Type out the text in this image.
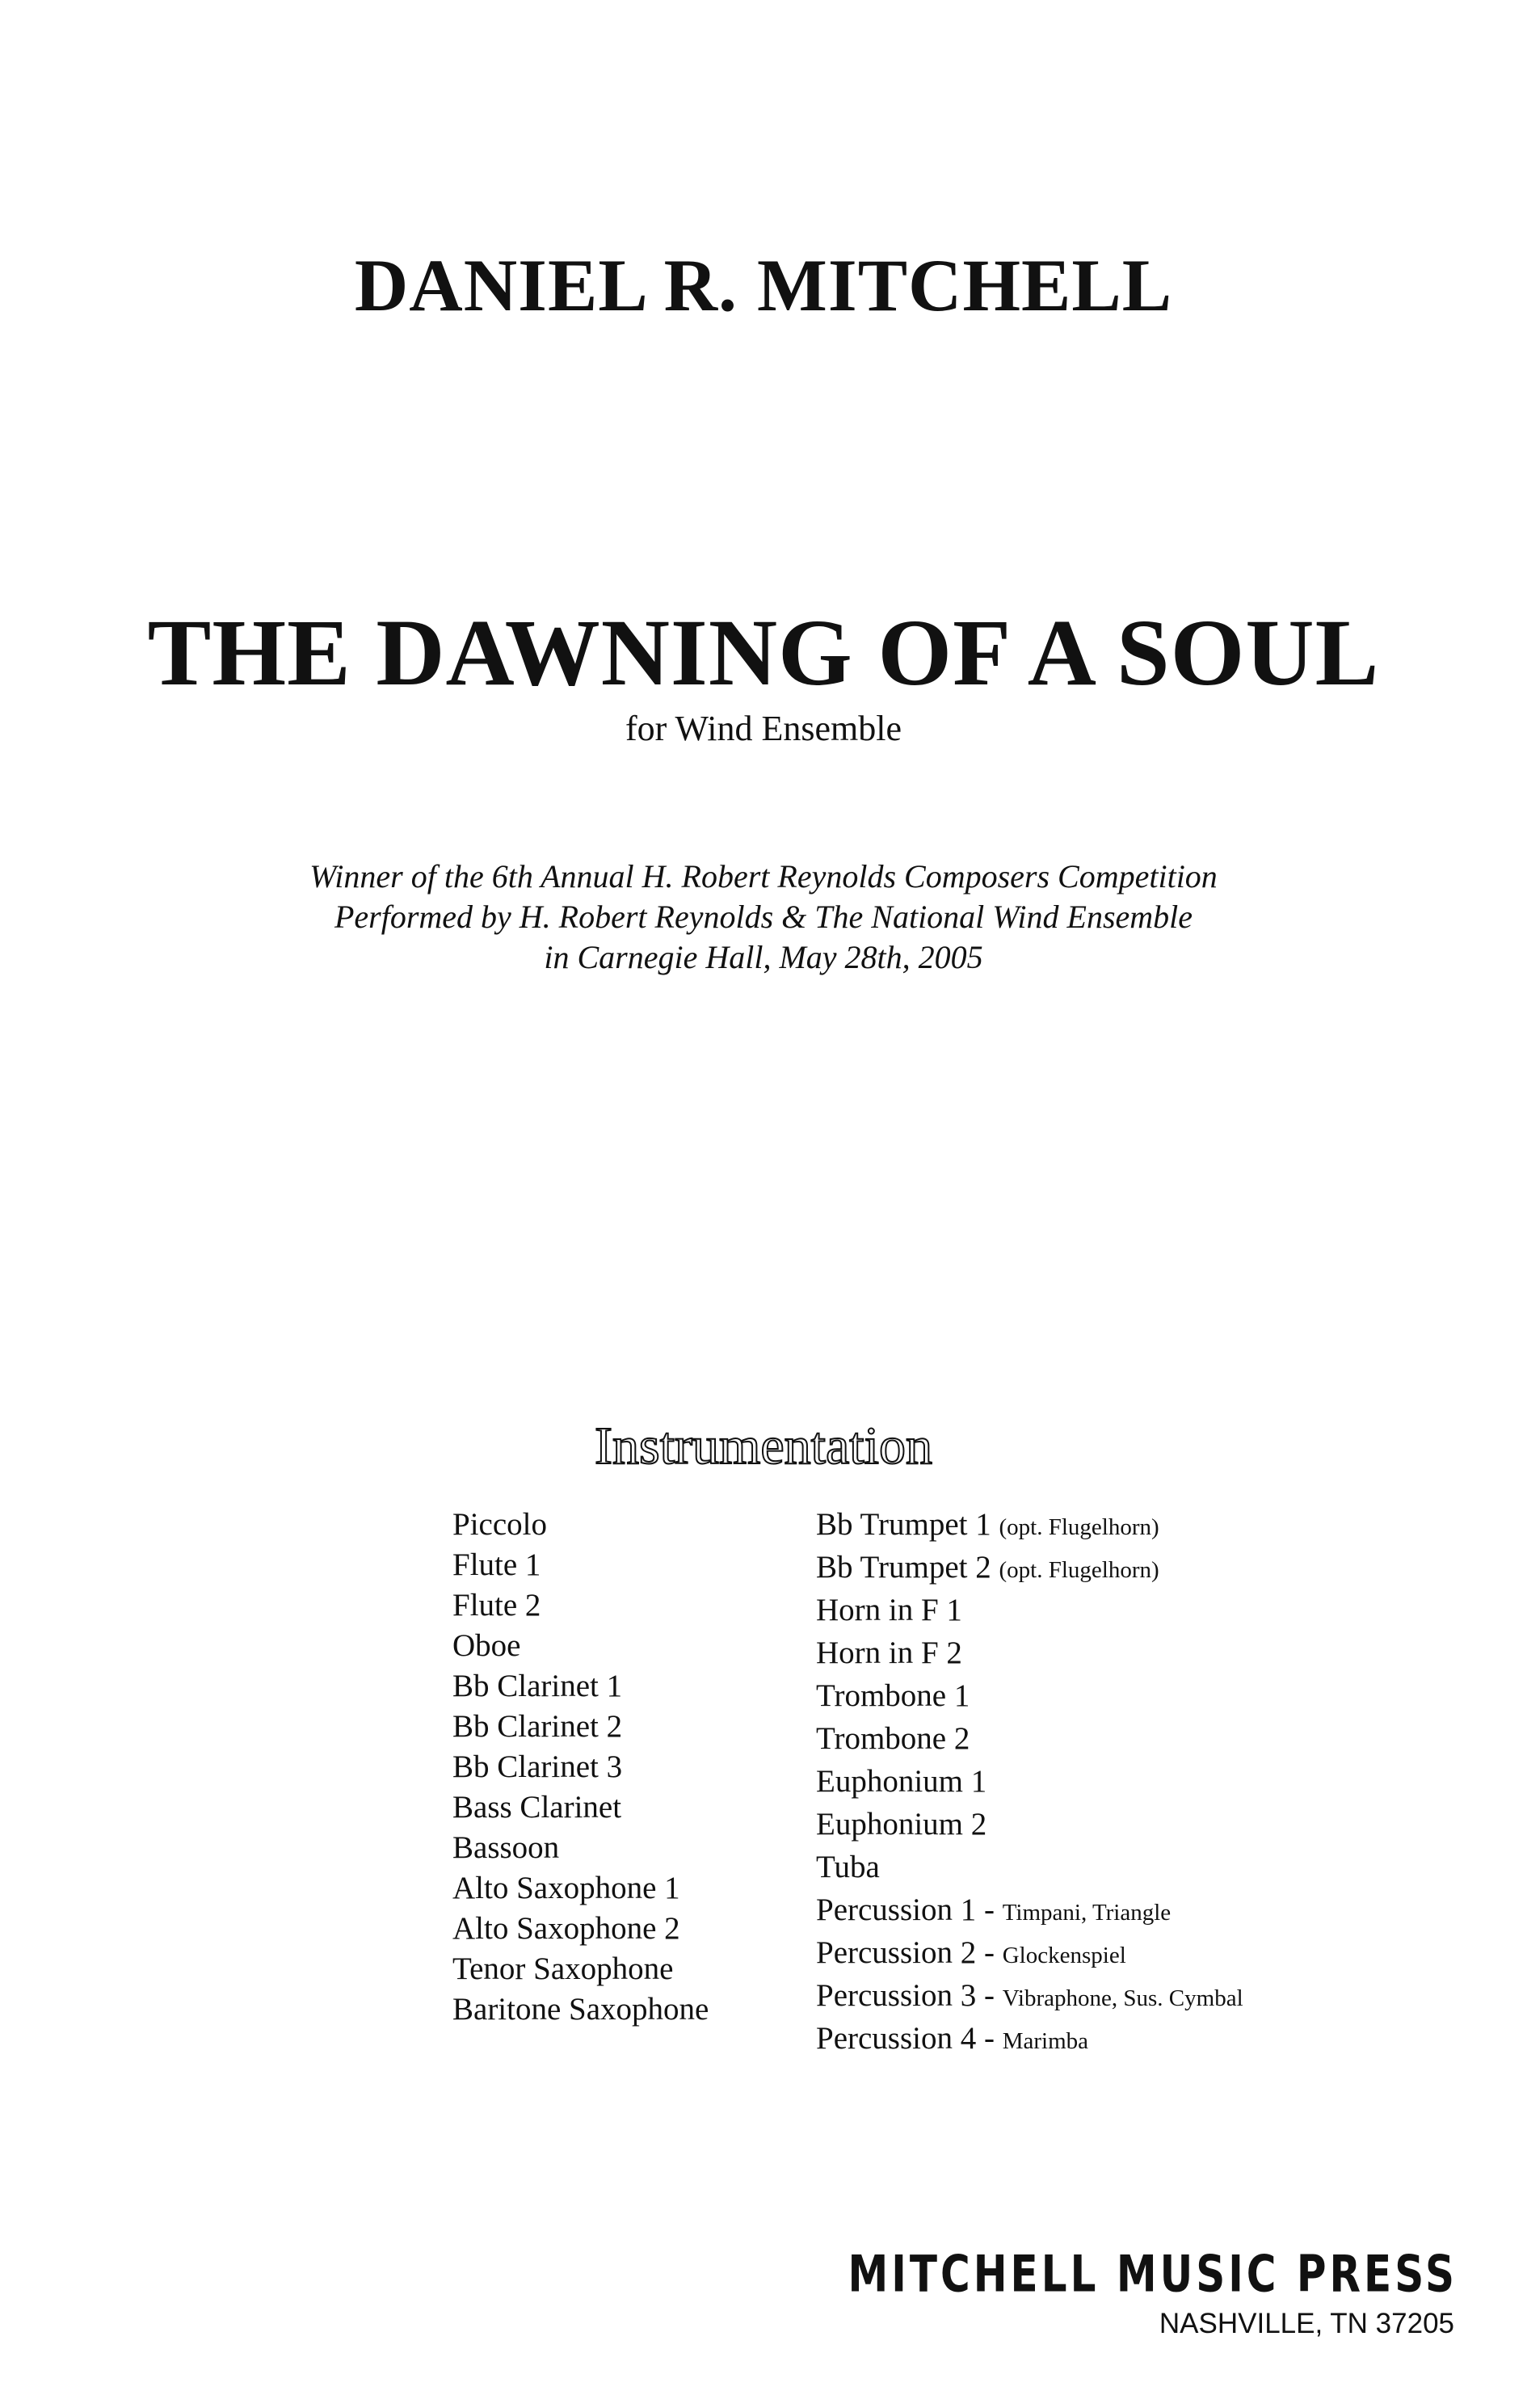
DANIEL R. MITCHELL
THE DAWNING OF A SOUL
for Wind Ensemble
Winner of the 6th Annual H. Robert Reynolds Composers Competition
Performed by H. Robert Reynolds & The National Wind Ensemble
in Carnegie Hall, May 28th, 2005
Instrumentation
Piccolo
Flute 1
Flute 2
Oboe
Bb Clarinet 1
Bb Clarinet 2
Bb Clarinet 3
Bass Clarinet
Bassoon
Alto Saxophone 1
Alto Saxophone 2
Tenor Saxophone
Baritone Saxophone
Bb Trumpet 1 (opt. Flugelhorn)
Bb Trumpet 2 (opt. Flugelhorn)
Horn in F 1
Horn in F 2
Trombone 1
Trombone 2
Euphonium 1
Euphonium 2
Tuba
Percussion 1 - Timpani, Triangle
Percussion 2 - Glockenspiel
Percussion 3 - Vibraphone, Sus. Cymbal
Percussion 4 - Marimba
MITCHELL MUSIC PRESS
NASHVILLE, TN 37205
